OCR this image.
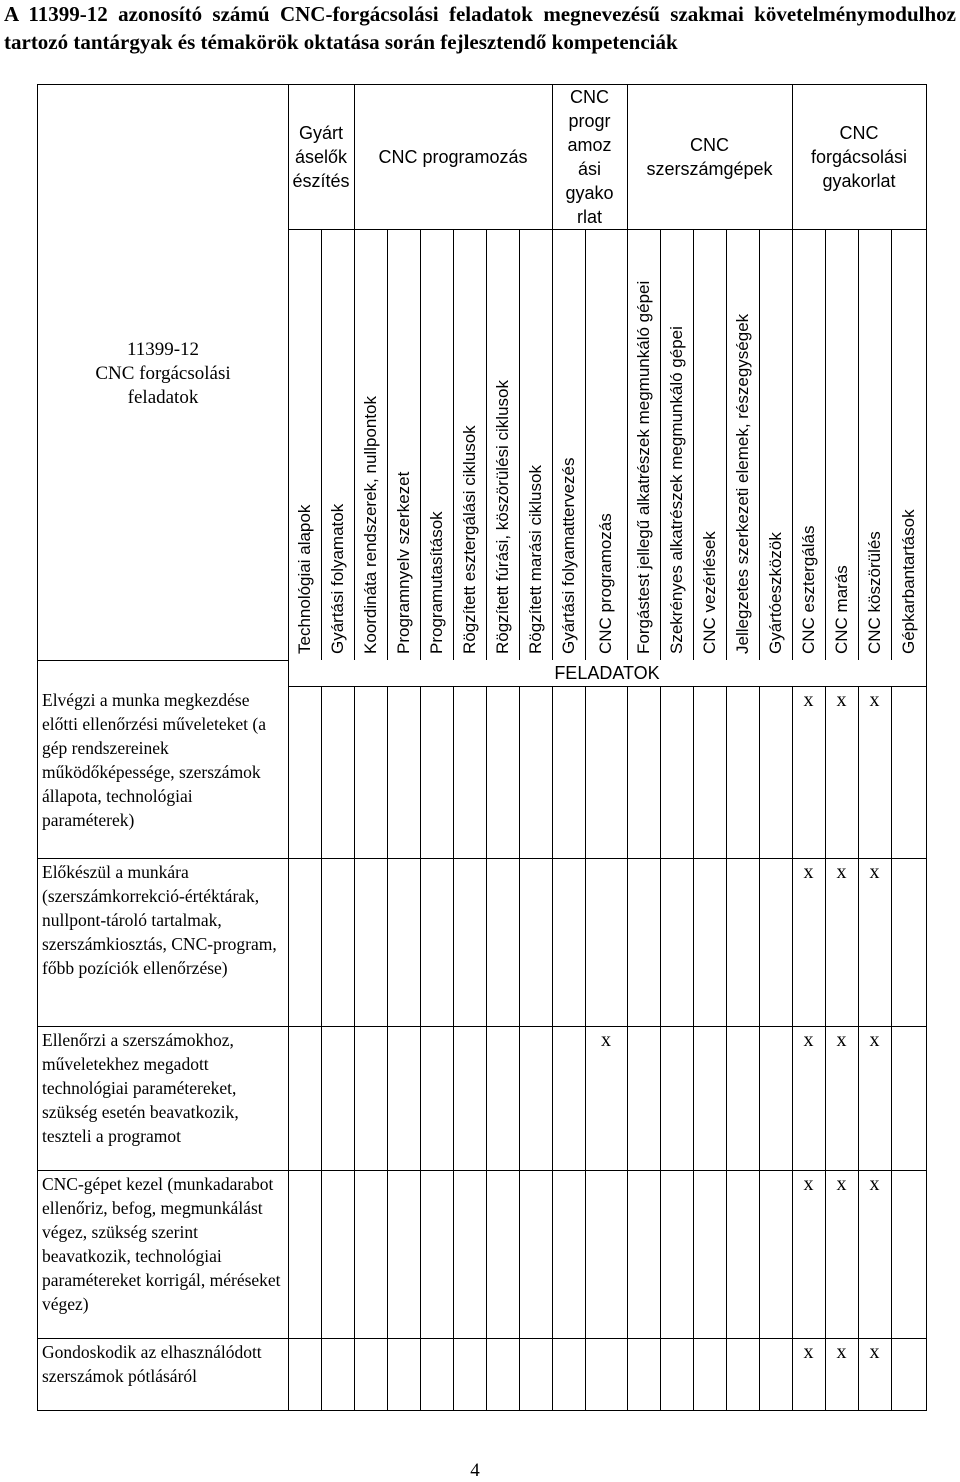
A 11399-12 azonosító számú CNC-forgácsolási feladatok megnevezésű szakmai követelménymodulhoz tartozó tantárgyak és témakörök oktatása során fejlesztendő kompetenciák
11399-12
CNC forgácsolási
feladatok
FELADATOK
Gyárt
áselők
észítés
CNC programozás
CNC
progr
amoz
ási
gyako
rlat
CNC
szerszámgépek
CNC
forgácsolási
gyakorlat
Technológiai alapok Gyártási folyamatok Koordináta rendszerek, nullpontok Programnyelv szerkezet Programutasítások Rögzített esztergálási ciklusok Rögzített fúrási, köszörülési ciklusok Rögzített marási ciklusok Gyártási folyamattervezés CNC programozás Forgástest jellegű alkatrészek megmunkáló gépei Szekrényes alkatrészek megmunkáló gépei CNC vezérlések Jellegzetes szerkezeti elemek, részegységek Gyártóeszközök CNC esztergálás CNC marás CNC köszörülés Gépkarbantartások
Elvégzi a munka megkezdése előtti ellenőrzési műveleteket (a gép rendszereinek működőképessége, szerszámok állapota, technológiai paraméterek)
x x x
Előkészül a munkára (szerszámkorrekció-értéktárak, nullpont-tároló tartalmak, szerszámkiosztás, CNC-program, főbb pozíciók ellenőrzése)
x x x
Ellenőrzi a szerszámokhoz, műveletekhez megadott technológiai paramétereket, szükség esetén beavatkozik, teszteli a programot
x	x x x
CNC-gépet kezel (munkadarabot ellenőriz, befog, megmunkálást végez, szükség szerint beavatkozik, technológiai paramétereket korrigál, méréseket végez)
x x x
Gondoskodik az elhasználódott szerszámok pótlásáról
x x x
4
